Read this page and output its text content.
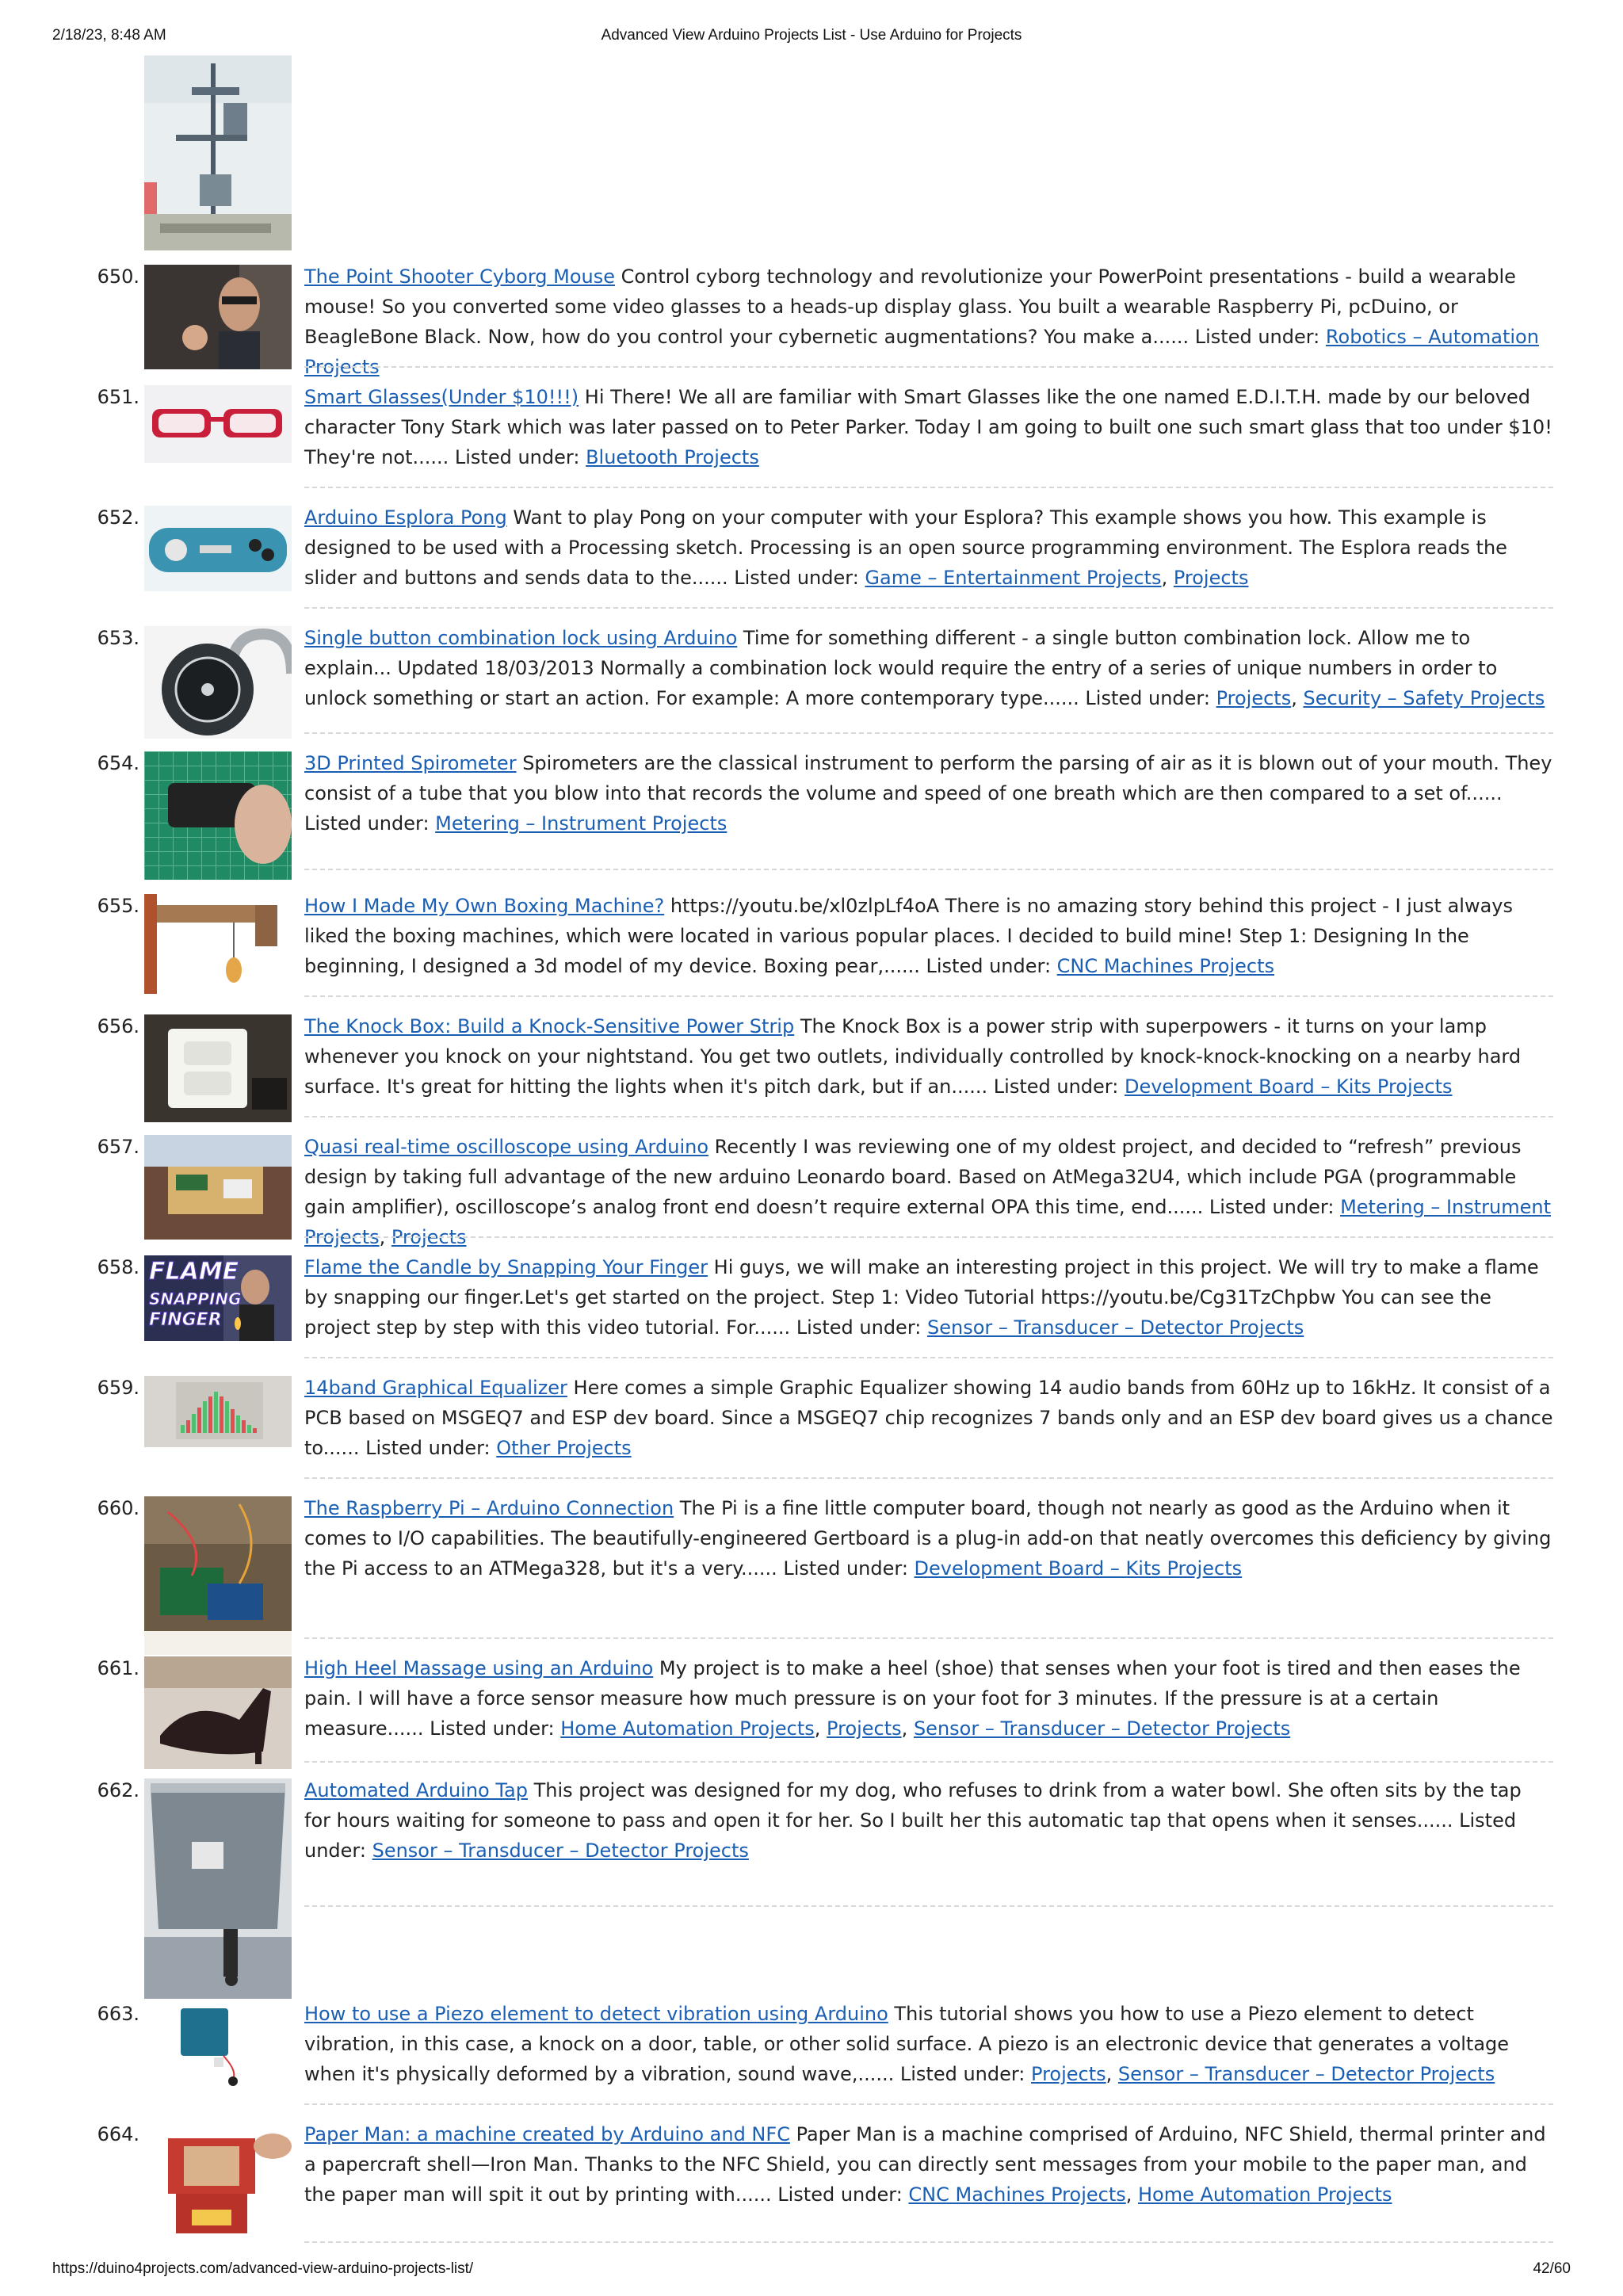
2/18/23, 8:48 AM	Advanced View Arduino Projects List - Use Arduino for Projects
650.	The Point Shooter Cyborg Mouse Control cyborg technology and revolutionize your PowerPoint presentations - build a wearable mouse! So you converted some video glasses to a heads-up display glass. You built a wearable Raspberry Pi, pcDuino, or BeagleBone Black. Now, how do you control your cybernetic augmentations? You make a...... Listed under: Robotics – Automation Projects
651.	Smart Glasses(Under $10!!!) Hi There! We all are familiar with Smart Glasses like the one named E.D.I.T.H. made by our beloved character Tony Stark which was later passed on to Peter Parker. Today I am going to built one such smart glass that too under $10! They're not...... Listed under: Bluetooth Projects
652.	Arduino Esplora Pong Want to play Pong on your computer with your Esplora? This example shows you how. This example is designed to be used with a Processing sketch. Processing is an open source programming environment. The Esplora reads the slider and buttons and sends data to the...... Listed under: Game – Entertainment Projects, Projects
653.	Single button combination lock using Arduino Time for something different - a single button combination lock. Allow me to explain... Updated 18/03/2013 Normally a combination lock would require the entry of a series of unique numbers in order to unlock something or start an action. For example: A more contemporary type...... Listed under: Projects, Security – Safety Projects
654.	3D Printed Spirometer Spirometers are the classical instrument to perform the parsing of air as it is blown out of your mouth. They consist of a tube that you blow into that records the volume and speed of one breath which are then compared to a set of...... Listed under: Metering – Instrument Projects
655.	How I Made My Own Boxing Machine? https://youtu.be/xl0zlpLf4oA There is no amazing story behind this project - I just always liked the boxing machines, which were located in various popular places. I decided to build mine! Step 1: Designing In the beginning, I designed a 3d model of my device. Boxing pear,...... Listed under: CNC Machines Projects
656.	The Knock Box: Build a Knock-Sensitive Power Strip The Knock Box is a power strip with superpowers - it turns on your lamp whenever you knock on your nightstand. You get two outlets, individually controlled by knock-knock-knocking on a nearby hard surface. It's great for hitting the lights when it's pitch dark, but if an...... Listed under: Development Board – Kits Projects
657.	Quasi real-time oscilloscope using Arduino Recently I was reviewing one of my oldest project, and decided to “refresh” previous design by taking full advantage of the new arduino Leonardo board. Based on AtMega32U4, which include PGA (programmable gain amplifier), oscilloscope’s analog front end doesn’t require external OPA this time, end...... Listed under: Metering – Instrument Projects, Projects
658. FLAME
SNAPPING
FINGER
Flame the Candle by Snapping Your Finger Hi guys, we will make an interesting project in this project. We will try to make a flame by snapping our finger.Let's get started on the project. Step 1: Video Tutorial https://youtu.be/Cg31TzChpbw You can see the project step by step with this video tutorial. For...... Listed under: Sensor – Transducer – Detector Projects
659.	14band Graphical Equalizer Here comes a simple Graphic Equalizer showing 14 audio bands from 60Hz up to 16kHz. It consist of a PCB based on MSGEQ7 and ESP dev board. Since a MSGEQ7 chip recognizes 7 bands only and an ESP dev board gives us a chance to...... Listed under: Other Projects
660.	The Raspberry Pi – Arduino Connection The Pi is a fine little computer board, though not nearly as good as the Arduino when it comes to I/O capabilities. The beautifully-engineered Gertboard is a plug-in add-on that neatly overcomes this deficiency by giving the Pi access to an ATMega328, but it's a very...... Listed under: Development Board – Kits Projects
661.	High Heel Massage using an Arduino My project is to make a heel (shoe) that senses when your foot is tired and then eases the pain. I will have a force sensor measure how much pressure is on your foot for 3 minutes. If the pressure is at a certain measure...... Listed under: Home Automation Projects, Projects, Sensor – Transducer – Detector Projects
662.	Automated Arduino Tap This project was designed for my dog, who refuses to drink from a water bowl. She often sits by the tap for hours waiting for someone to pass and open it for her. So I built her this automatic tap that opens when it senses...... Listed under: Sensor – Transducer – Detector Projects
663.	How to use a Piezo element to detect vibration using Arduino This tutorial shows you how to use a Piezo element to detect vibration, in this case, a knock on a door, table, or other solid surface. A piezo is an electronic device that generates a voltage when it's physically deformed by a vibration, sound wave,...... Listed under: Projects, Sensor – Transducer – Detector Projects
664.	Paper Man: a machine created by Arduino and NFC Paper Man is a machine comprised of Arduino, NFC Shield, thermal printer and a papercraft shell—Iron Man. Thanks to the NFC Shield, you can directly sent messages from your mobile to the paper man, and the paper man will spit it out by printing with...... Listed under: CNC Machines Projects, Home Automation Projects
https://duino4projects.com/advanced-view-arduino-projects-list/	42/60
